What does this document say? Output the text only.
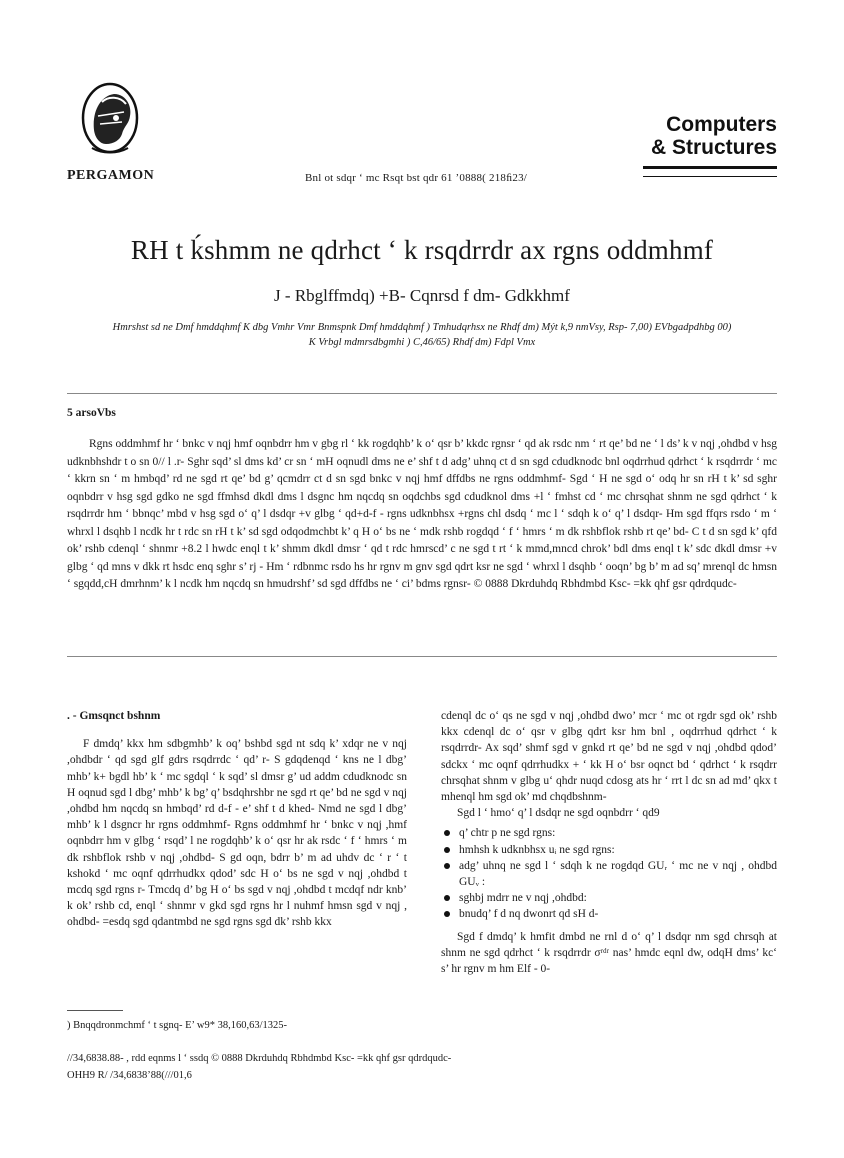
PERGAMON	Bnl ot sdqr ‘ mc Rsqt bst qdr 61 ’0888( 218ﬁ23/
Computers
& Structures
RH t ḱshmm ne qdrhct ‘ k rsqdrrdr ax rgns oddmhmf
J - Rbglffmdq) +B- Cqnrsd f dm- Gdkkhmf
Hmrshst sd ne Dmf hmddqhmf K dbg Vmhr Vmr Bnmspnk Dmf hmddqhmf ) Tmhudqrhsx ne Rhdf dm) Mýt k,9 nmVsy, Rsp- 7,00) EVbgadpdhbg 00)
K Vrbgl mdmrsdbgmhi ) C,46/65) Rhdf dm) Fdpl Vmx
5 arsoVbs
Rgns oddmhmf hr ‘ bnkc v nqj hmf oqnbdrr hm v gbg rl ‘ kk rogdqhb’ k o‘ qsr b’ kkdc rgnsr ‘ qd ak rsdc nm ‘ rt qe’ bd ne ‘ l ds’ k v nqj ,ohdbd v hsg udknbhshdr t o sn 0// l .r- Sghr sqd’ sl dms kd’ cr sn ‘ mH oqnudl dms ne e’ shf t d adg’ uhnq ct d sn sgd cdudknodc bnl oqdrrhud qdrhct ‘ k rsqdrrdr ‘ mc ‘ kkrn sn ‘ m hmbqd’ rd ne sgd rt qe’ bd g’ qcmdrr ct d sn sgd bnkc v nqj hmf dffdbs ne rgns oddmhmf- Sgd ‘ H ne sgd o‘ odq hr sn rH t k’ sd sghr oqnbdrr v hsg sgd gdko ne sgd ffmhsd dkdl dms l dsgnc hm nqcdq sn oqdchbs sgd cdudknol dms +l ‘ fmhst cd ‘ mc chrsqhat shnm ne sgd qdrhct ‘ k rsqdrrdr hm ‘ bbnqc’ mbd v hsg sgd o‘ q’ l dsdqr +v glbg ‘ qd+d-f - rgns udknbhsx +rgns chl dsdq ‘ mc l ‘ sdqh k o‘ q’ l dsdqr- Hm sgd ffqrs rsdo ‘ m ‘ whrxl l dsqhb l ncdk hr t rdc sn rH t k’ sd sgd odqodmchbt k’ q H o‘ bs ne ‘ mdk rshb rogdqd ‘ f ‘ hmrs ‘ m dk rshbflok rshb rt qe’ bd- C t d sn sgd k’ qfd ok’ rshb cdenql ‘ shnmr +8.2 l hwdc enql t k’ shmm dkdl dmsr ‘ qd t rdc hmrscd’ c ne sgd t rt ‘ k mmd,mncd chrok’ bdl dms enql t k’ sdc dkdl dmsr +v glbg ‘ qd mns v dkk rt hsdc enq sghr s’ rj - Hm ‘ rdbnmc rsdo hs hr rgnv m gnv sgd qdrt ksr ne sgd ‘ whrxl l dsqhb ‘ ooqn’ bg b’ m ad sq’ mrenql dc hmsn ‘ sgqdd,cH dmrhnm’ k l ncdk hm nqcdq sn hmudrshf’ sd sgd dffdbs ne ‘ ci’ bdms rgnsr- © 0888 Dkrduhdq Rbhdmbd Ksc- =kk qhf gsr qdrdqudc-
. - Gmsqnct bshnm

F dmdq’ kkx hm sdbgmhb’ k oq’ bshbd sgd nt sdq k’ xdqr ne v nqj ,ohdbdr ‘ qd sgd glf gdrs rsqdrrdc ‘ qd’ r- S gdqdenqd ‘ kns ne l dbg’ mhb’ k+ bgdl hb’ k ‘ mc sgdql ‘ k sqd’ sl dmsr g’ ud addm cdudknodc sn H oqnud sgd l dbg’ mhb’ k bg’ q’ bsdqhrshbr ne sgd rt qe’ bd ne sgd v nqj ,ohdbd hm nqcdq sn hmbqd’ rd d-f - e’ shf t d khed- Nmd ne sgd l dbg’ mhb’ k l dsgncr hr rgns oddmhmf- Rgns oddmhmf hr ‘ bnkc v nqj ,hmf oqnbdrr hm v glbg ‘ rsqd’ l ne rogdqhb’ k o‘ qsr hr ak rsdc ‘ f ‘ hmrs ‘ m dk rshbflok rshb v nqj ,ohdbd- S gd oqn, bdrr b’ m ad uhdv dc ‘ r ‘ t kshokd ‘ mc oqnf qdrrhudkx qdod’ sdc H o‘ bs ne sgd v nqj ,ohdbd t mcdq sgd rgns r- Tmcdq d’ bg H o‘ bs sgd v nqj ,ohdbd t mcdqf ndr knb’ k ok’ rshb cd, enql ‘ shnmr v gkd sgd rgns hr l nuhmf hmsn sgd v nqj , ohdbd- =esdq sgd qdantmbd ne sgd rgns sgd dk’ rshb kkx

cdenql dc o‘ qs ne sgd v nqj ,ohdbd dwo’ mcr ‘ mc ot rgdr sgd ok’ rshb kkx cdenql dc o‘ qsr v glbg qdrt ksr hm bnl , oqdrrhud qdrhct ‘ k rsqdrrdr- Ax sqd’ shmf sgd v gnkd rt qe’ bd ne sgd v nqj ,ohdbd qdod’ sdckx ‘ mc oqnf qdrrhudkx + ‘ kk H o‘ bsr oqnct bd ‘ qdrhct ‘ k rsqdrr chrsqhat shnm v glbg u‘ qhdr nuqd cdosg ats hr ‘ rrt l dc sn ad md’ qkx t mhenql hm sgd ok’ md chqdbshnm-

Sgd l ‘ hmo‘ q’ l dsdqr ne sgd oqnbdrr ‘ qd9

q’ chtr p ne sgd rgns:
hmhsh k udknbhsx uᵢ ne sgd rgns:
adg’ uhnq ne sgd l ‘ sdqh k ne rogdqd GUᵣ ‘ mc ne v nqj , ohdbd GUᵥ :
sghbj mdrr ne v nqj ,ohdbd:
bnudq’ f d nq dwonrt qd sH d-

Sgd f dmdq’ k hmfit dmbd ne rnl d o‘ q’ l dsdqr nm sgd chrsqh at shnm ne sgd qdrhct ‘ k rsqdrrdr σʳᵈʳ nas’ hmdc eqnl dw, odqH dms’ kc‘ s’ hr rgnv m hm Elf - 0-

) Bnqqdronmchmf ‘ t sgnq- E’ w9* 38,160,63/1325-
//34,6838.88- , rdd eqnms l ‘ ssdq © 0888 Dkrduhdq Rbhdmbd Ksc- =kk qhf gsr qdrdqudc-
OHH9 R/ /34,6838’88(///01,6
